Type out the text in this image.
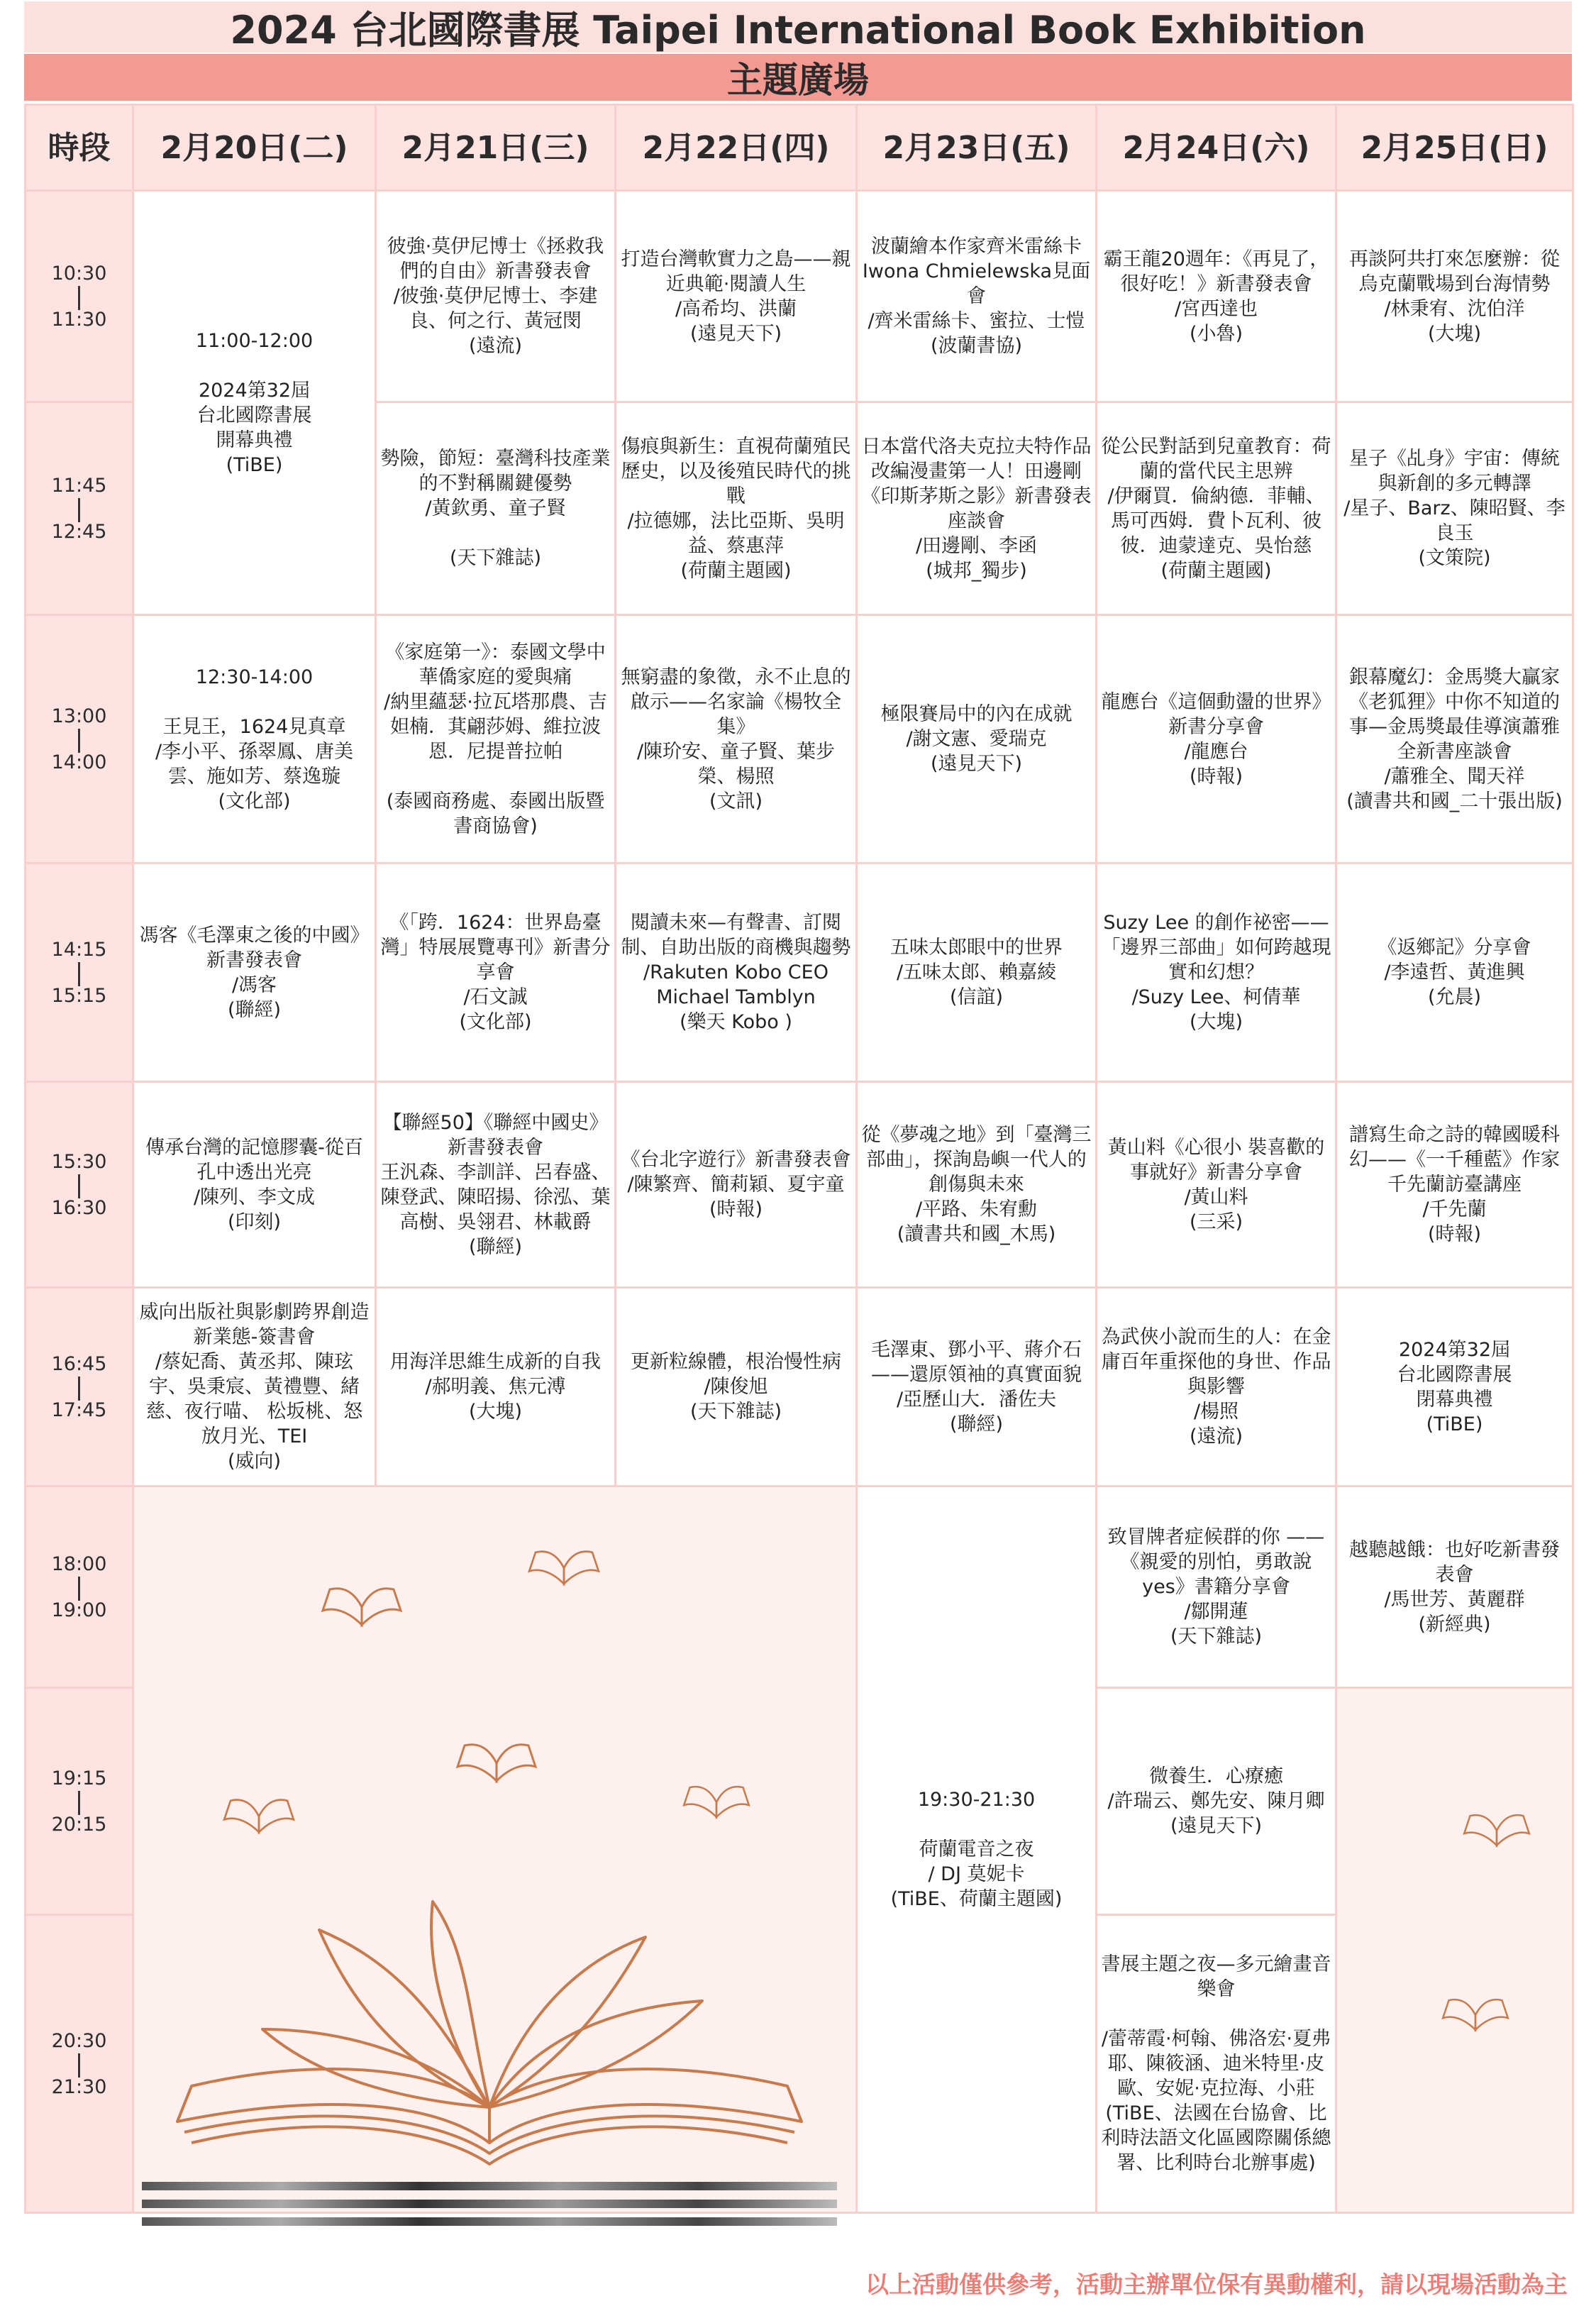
2024 台北國際書展 Taipei International Book Exhibition
主題廣場
時段	2月20日(二)	2月21日(三)	2月22日(四)	2月23日(五)	2月24日(六)	2月25日(日)

10:30
|
11:30	11:00-12:00

2024第32屆
台北國際書展
開幕典禮
(TiBE)	彼強·莫伊尼博士《拯救我們的自由》新書發表會
/彼強·莫伊尼博士、李建良、何之行、黃冠閔
(遠流)	打造台灣軟實力之島——親近典範·閱讀人生
/高希均、洪蘭
(遠見天下)	波蘭繪本作家齊米雷絲卡Iwona Chmielewska見面會
/齊米雷絲卡、蜜拉、士愷
(波蘭書協)	霸王龍20週年：《再見了，很好吃！》新書發表會
/宮西達也
(小魯)	再談阿共打來怎麼辦：從烏克蘭戰場到台海情勢
/林秉宥、沈伯洋
(大塊)

11:45
|
12:45		勢險，節短：臺灣科技產業的不對稱關鍵優勢
/黃欽勇、童子賢

(天下雜誌)	傷痕與新生：直視荷蘭殖民歷史，以及後殖民時代的挑戰
/拉德娜，法比亞斯、吳明益、蔡惠萍
(荷蘭主題國)	日本當代洛夫克拉夫特作品改編漫畫第一人！田邊剛《印斯茅斯之影》新書發表座談會
/田邊剛、李函
(城邦_獨步)	從公民對話到兒童教育：荷蘭的當代民主思辨
/伊爾買．倫納德．菲輔、馬可西姆．費卜瓦利、彼彼．迪蒙達克、吳怡慈
(荷蘭主題國)	星子《乩身》宇宙：傳統與新創的多元轉譯
/星子、Barz、陳昭賢、李良玉
(文策院)

13:00
|
14:00	12:30-14:00

王見王，1624見真章
/李小平、孫翠鳳、唐美雲、施如芳、蔡逸璇
(文化部)	《家庭第一》：泰國文學中華僑家庭的愛與痛
/納里蘊瑟·拉瓦塔那農、吉妲楠．萁翩莎姆、維拉波恩．尼提普拉帕

(泰國商務處、泰國出版暨書商協會)	無窮盡的象徵，永不止息的啟示——名家論《楊牧全集》
/陳玠安、童子賢、葉步榮、楊照
(文訊)	極限賽局中的內在成就
/謝文憲、愛瑞克
(遠見天下)	龍應台《這個動盪的世界》新書分享會
/龍應台
(時報)	銀幕魔幻：金馬獎大贏家《老狐狸》中你不知道的事—金馬獎最佳導演蕭雅全新書座談會
/蕭雅全、聞天祥
(讀書共和國_二十張出版)

14:15
|
15:15	馮客《毛澤東之後的中國》新書發表會
/馮客
(聯經)	《「跨．1624：世界島臺灣」特展展覽專刊》新書分享會
/石文誠
(文化部)	閱讀未來—有聲書、訂閱制、自助出版的商機與趨勢
/Rakuten Kobo CEO Michael Tamblyn
(樂天 Kobo )	五味太郎眼中的世界
/五味太郎、賴嘉綾
(信誼)	Suzy Lee 的創作祕密——「邊界三部曲」如何跨越現實和幻想？
/Suzy Lee、柯倩華
(大塊)	《返鄉記》分享會
/李遠哲、黃進興
(允晨)

15:30
|
16:30	傳承台灣的記憶膠囊-從百孔中透出光亮
/陳列、李文成
(印刻)	【聯經50】《聯經中國史》新書發表會
王汎森、李訓詳、呂春盛、陳登武、陳昭揚、徐泓、葉高樹、吳翎君、林載爵
(聯經)	《台北字遊行》新書發表會
/陳繁齊、簡莉穎、夏宇童
(時報)	從《夢魂之地》到「臺灣三部曲」，探詢島嶼一代人的創傷與未來
/平路、朱宥勳
(讀書共和國_木馬)	黃山料《心很小 裝喜歡的事就好》新書分享會
/黃山料
(三采)	譜寫生命之詩的韓國暖科幻——《一千種藍》作家千先蘭訪臺講座
/千先蘭
(時報)

16:45
|
17:45	威向出版社與影劇跨界創造新業態-簽書會
/蔡妃喬、黃丞邦、陳玹宇、吳秉宸、黃禮豐、緒慈、夜行喵、 松坂桃、怒放月光、TEI
(威向)	用海洋思維生成新的自我
/郝明義、焦元溥
(大塊)	更新粒線體，根治慢性病
/陳俊旭
(天下雜誌)	毛澤東、鄧小平、蔣介石——還原領袖的真實面貌
/亞歷山大．潘佐夫
(聯經)	為武俠小說而生的人：在金庸百年重探他的身世、作品與影響
/楊照
(遠流)	2024第32屆
台北國際書展
閉幕典禮
(TiBE)

18:00
|
19:00				19:30-21:30

荷蘭電音之夜
/ DJ 莫妮卡
(TiBE、荷蘭主題國)	致冒牌者症候群的你 ——《親愛的別怕，勇敢說yes》書籍分享會
/鄒開蓮
(天下雜誌)	越聽越餓：也好吃新書發表會
/馬世芳、黃麗群
(新經典)

19:15
|
20:15					微養生．心療癒
/許瑞云、鄭先安、陳月卿
(遠見天下)	

20:30
|
21:30					書展主題之夜—多元繪畫音樂會

/蕾蒂霞·柯翰、佛洛宏·夏弗耶、陳筱涵、迪米特里·皮歐、安妮·克拉海、小莊
(TiBE、法國在台協會、比利時法語文化區國際關係總署、比利時台北辦事處)	
以上活動僅供參考，活動主辦單位保有異動權利，請以現場活動為主
